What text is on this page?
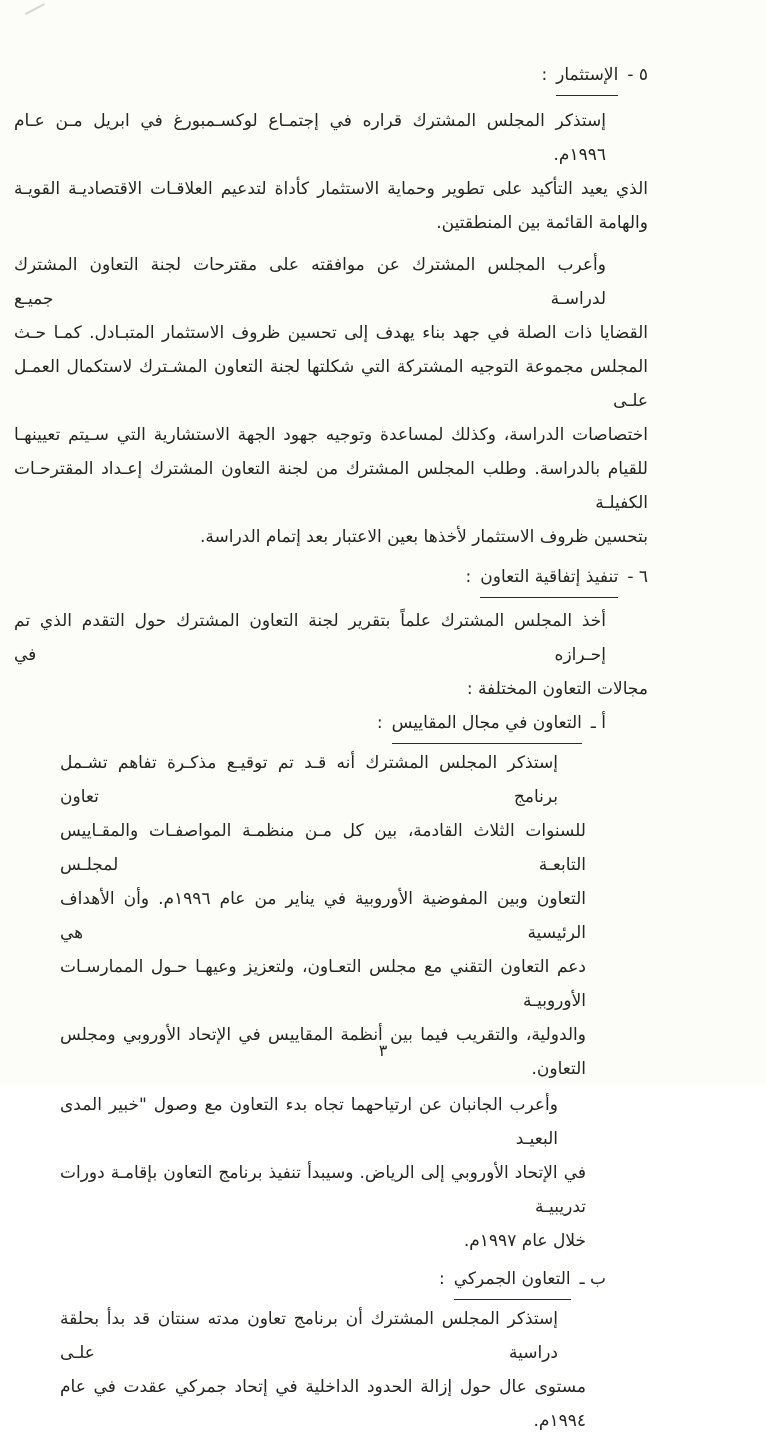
٥ -
الإستثمار
:

إستذكر المجلس المشترك قراره في إجتمـاع لوكسـمبورغ في ابريل مـن عـام ١٩٩٦م.
الذي يعيد التأكيد على تطوير وحماية الاستثمار كأداة لتدعيم العلاقـات الاقتصاديـة القويـة
والهامة القائمة بين المنطقتين.

وأعرب المجلس المشترك عن موافقته على مقترحات لجنة التعاون المشترك لدراسـة جميـع
القضايا ذات الصلة في جهد بناء يهدف إلى تحسين ظروف الاستثمار المتبـادل. كمـا حـث
المجلس مجموعة التوجيه المشتركة التي شكلتها لجنة التعاون المشـترك لاستكمال العمـل علـى
اختصاصات الدراسة، وكذلك لمساعدة وتوجيه جهود الجهة الاستشارية التي سـيتم تعيينهـا
للقيام بالدراسة. وطلب المجلس المشترك من لجنة التعاون المشترك إعـداد المقترحـات الكفيلـة
بتحسين ظروف الاستثمار لأخذها بعين الاعتبار بعد إتمام الدراسة.

٦ -
تنفيذ إتفاقية التعاون
:

أخذ المجلس المشترك علماً بتقرير لجنة التعاون المشترك حول التقدم الذي تم إحـرازه في
مجالات التعاون المختلفة :

أ ـ
التعاون في مجال المقاييس
:

إستذكر المجلس المشترك أنه قـد تم توقيـع مذكـرة تفاهم تشـمل برنامج تعاون
للسنوات الثلاث القادمة، بين كل مـن منظمـة المواصفـات والمقـاييس التابعـة لمجلـس
التعاون وبين المفوضية الأوروبية في يناير من عام ١٩٩٦م. وأن الأهداف الرئيسية هي
دعم التعاون التقني مع مجلس التعـاون، ولتعزيز وعيهـا حـول الممارسـات الأوروبيـة
والدولية، والتقريب فيما بين أنظمة المقاييس في الإتحاد الأوروبي ومجلس التعاون.

وأعرب الجانبان عن ارتياحهما تجاه بدء التعاون مع وصول "خبير المدى البعيـد
في الإتحاد الأوروبي إلى الرياض. وسيبدأ تنفيذ برنامج التعاون بإقامـة دورات تدريبيـة
خلال عام ١٩٩٧م.

ب ـ
التعاون الجمركي
:

إستذكر المجلس المشترك أن برنامج تعاون مدته سنتان قد بدأ بحلقة دراسية علـى
مستوى عال حول إزالة الحدود الداخلية في إتحاد جمركي عقدت في عام ١٩٩٤م.

٣
